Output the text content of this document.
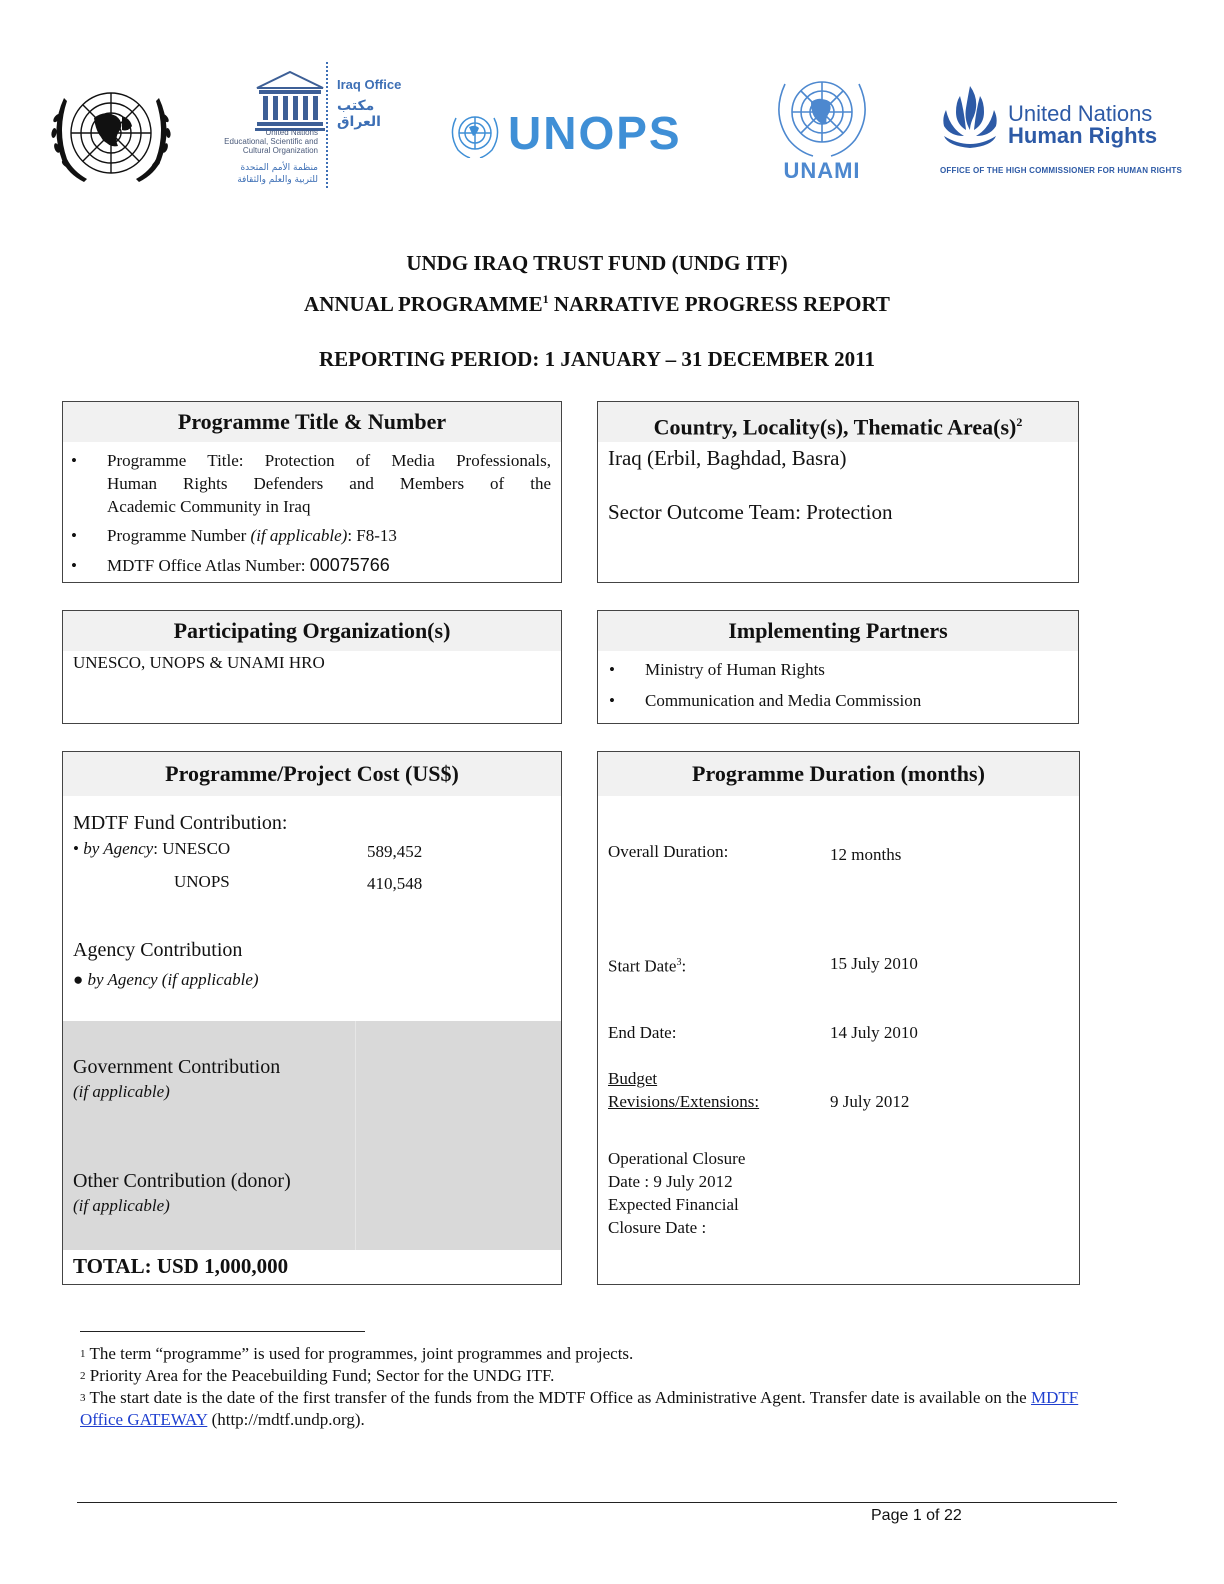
United Nations
Educational, Scientific and
Cultural Organization
منظمة الأمم المتحدة
للتربية والعلم والثقافة
Iraq Office
مكتب العراق	UNOPS
UNAMI
United Nations
Human Rights
OFFICE OF THE HIGH COMMISSIONER FOR HUMAN RIGHTS
UNDG IRAQ TRUST FUND (UNDG ITF)
ANNUAL PROGRAMME$^1$ NARRATIVE PROGRESS REPORT
REPORTING PERIOD: 1 JANUARY – 31 DECEMBER 2011
Programme Title & Number
• Programme Title: Protection of Media Professionals,
Human Rights Defenders and Members of the
Academic Community in Iraq
• Programme Number (if applicable): F8-13
• MDTF Office Atlas Number: 00075766
Country, Locality(s), Thematic $Area(s)^2$
Iraq (Erbil, Baghdad, Basra)
Sector Outcome Team: Protection
Participating Organization(s)
UNESCO, UNOPS & UNAMI HRO
Implementing Partners
• Ministry of Human Rights
• Communication and Media Commission
Programme/Project Cost (US$)
MDTF Fund Contribution:
• by Agency: UNESCO	589,452
UNOPS	410,548
Agency Contribution
● by Agency (if applicable)
Government Contribution
(if applicable)
Other Contribution (donor)
(if applicable)
TOTAL: USD 1,000,000
Programme Duration (months)
Overall Duration:	12 months
Start Date$^3$:	15 July 2010
End Date:	14 July 2010
Budget
Revisions/Extensions:	9 July 2012
Operational Closure
Date : 9 July 2012
Expected Financial
Closure Date :
$^1$ The term “programme” is used for programmes, joint programmes and projects.
$^2$ Priority Area for the Peacebuilding Fund; Sector for the UNDG ITF.
$^3$ The start date is the date of the first transfer of the funds from the MDTF Office as Administrative Agent. Transfer date is available on the MDTF Office GATEWAY (http://mdtf.undp.org).
Page 1 of 22
